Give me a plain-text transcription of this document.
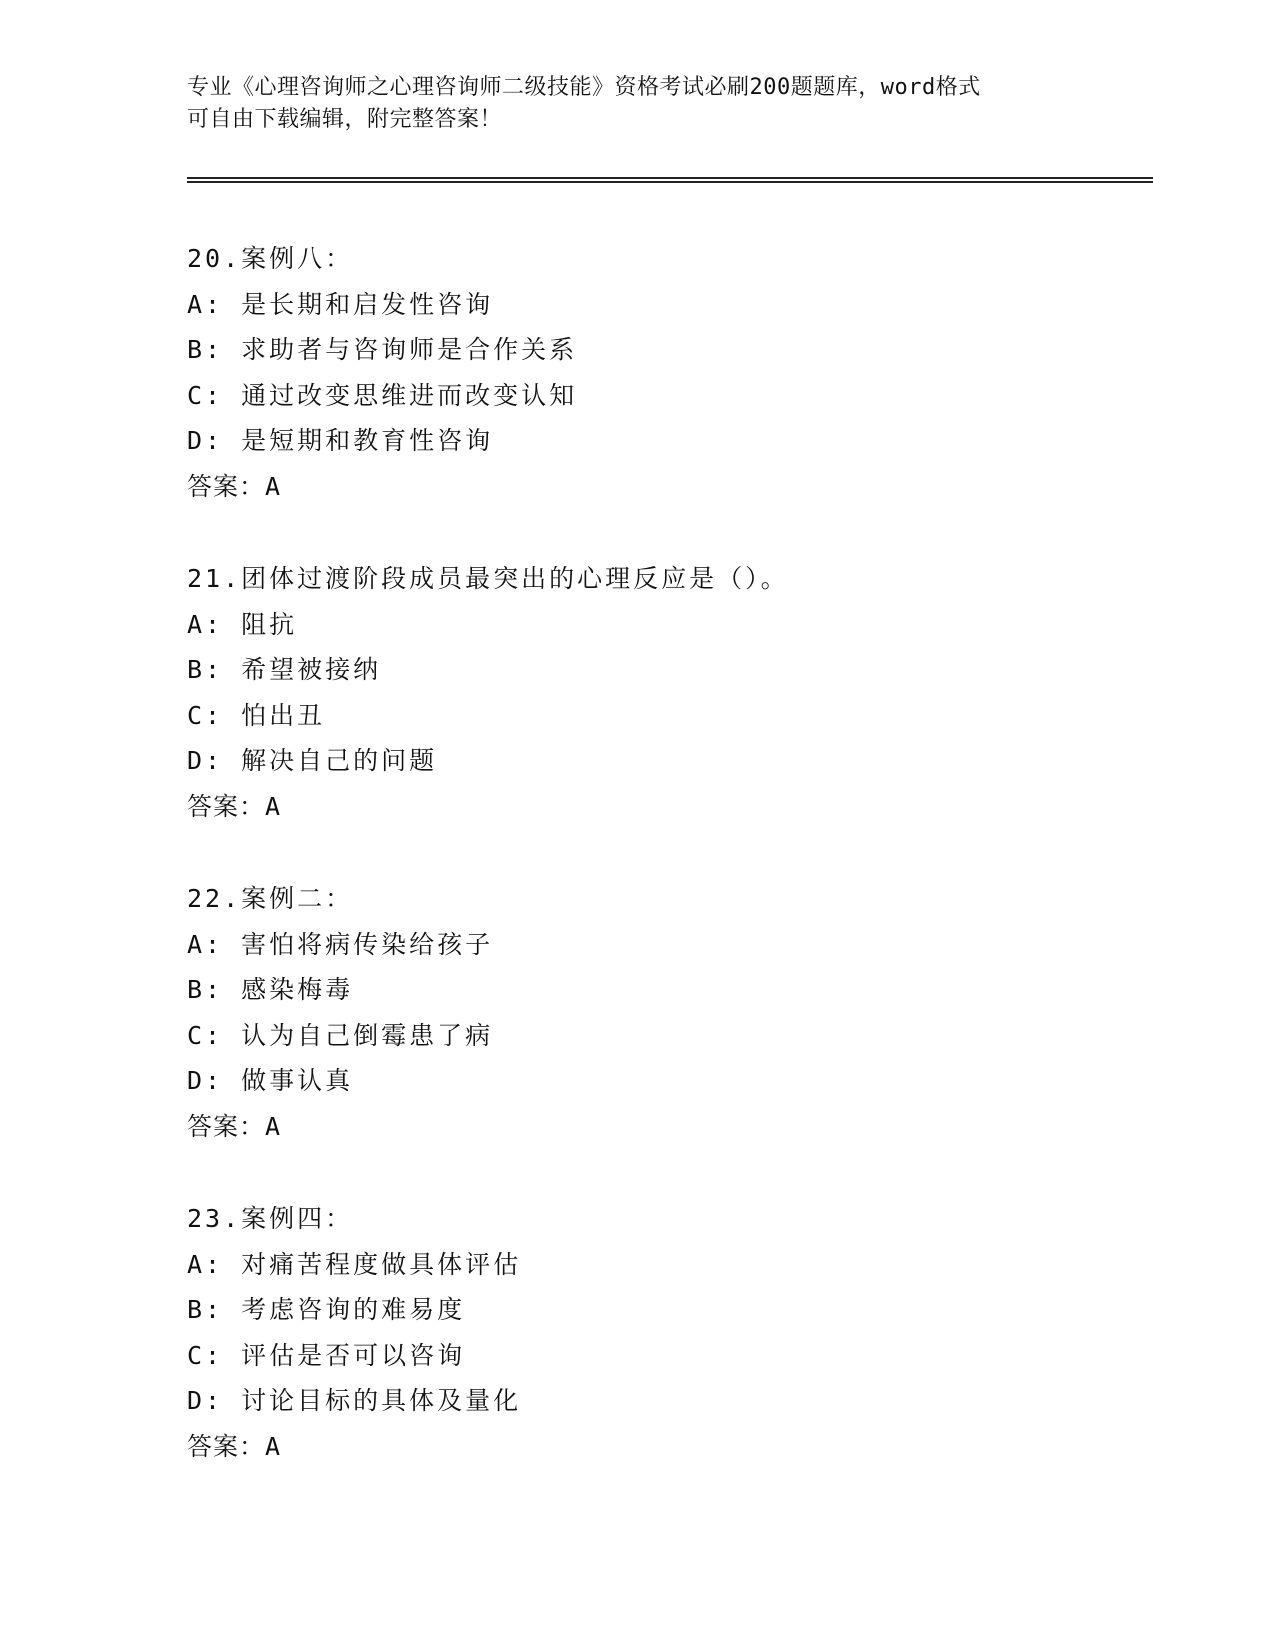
专业《心理咨询师之心理咨询师二级技能》资格考试必刷200题题库，word格式
可自由下载编辑，附完整答案！
20.案例八：
A: 是长期和启发性咨询
B: 求助者与咨询师是合作关系
C: 通过改变思维进而改变认知
D: 是短期和教育性咨询
答案：A
21.团体过渡阶段成员最突出的心理反应是（）。
A: 阻抗
B: 希望被接纳
C: 怕出丑
D: 解决自己的问题
答案：A
22.案例二：
A: 害怕将病传染给孩子
B: 感染梅毒
C: 认为自己倒霉患了病
D: 做事认真
答案：A
23.案例四：
A: 对痛苦程度做具体评估
B: 考虑咨询的难易度
C: 评估是否可以咨询
D: 讨论目标的具体及量化
答案：A
